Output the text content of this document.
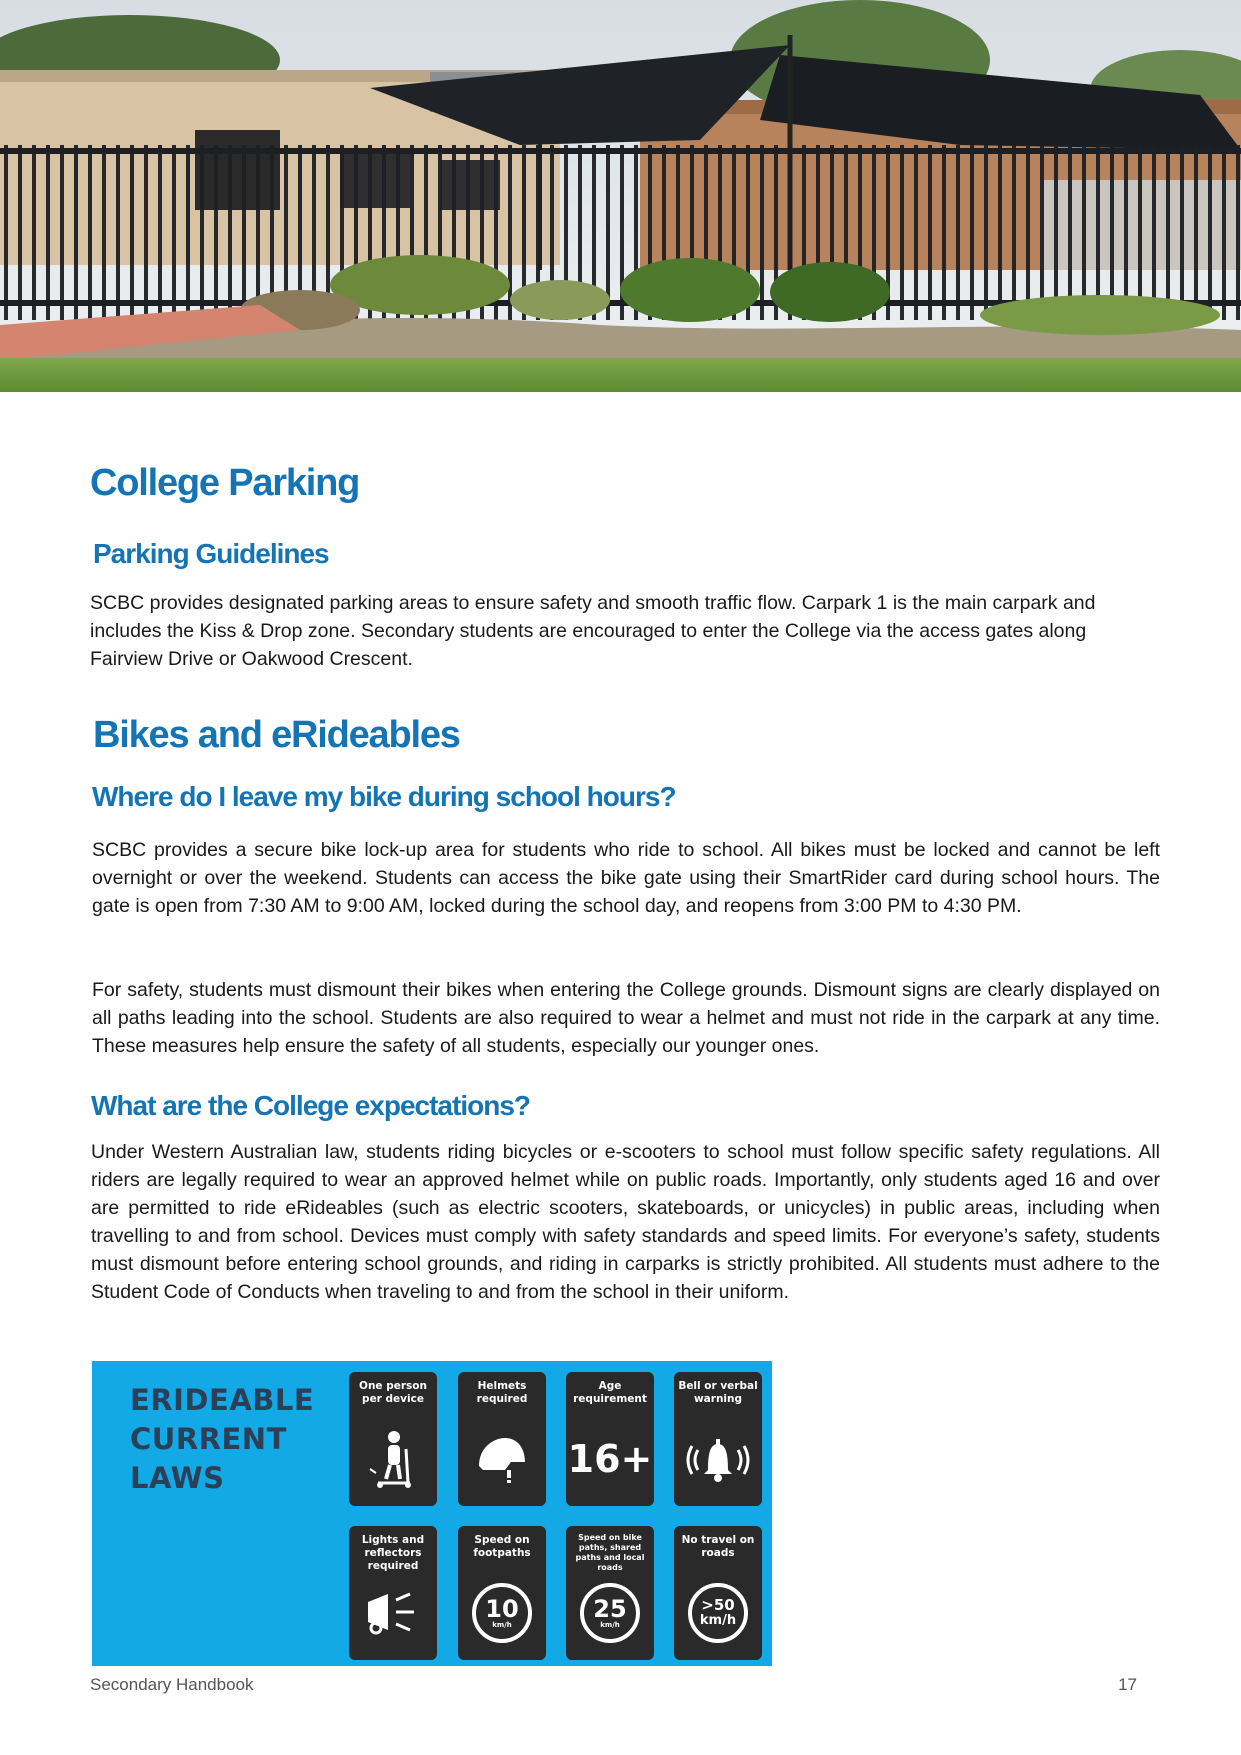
College Parking
Parking Guidelines

SCBC provides designated parking areas to ensure safety and smooth traffic flow. Carpark 1 is the main carpark and includes the Kiss & Drop zone. Secondary students are encouraged to enter the College via the access gates along Fairview Drive or Oakwood Crescent.

Bikes and eRideables
Where do I leave my bike during school hours?

SCBC provides a secure bike lock-up area for students who ride to school. All bikes must be locked and cannot be left overnight or over the weekend. Students can access the bike gate using their SmartRider card during school hours. The gate is open from 7:30 AM to 9:00 AM, locked during the school day, and reopens from 3:00 PM to 4:30 PM.

For safety, students must dismount their bikes when entering the College grounds. Dismount signs are clearly displayed on all paths leading into the school. Students are also required to wear a helmet and must not ride in the carpark at any time. These measures help ensure the safety of all students, especially our younger ones.

What are the College expectations?

Under Western Australian law, students riding bicycles or e-scooters to school must follow specific safety regulations. All riders are legally required to wear an approved helmet while on public roads. Importantly, only students aged 16 and over are permitted to ride eRideables (such as electric scooters, skateboards, or unicycles) in public areas, including when travelling to and from school. Devices must comply with safety standards and speed limits. For everyone’s safety, students must dismount before entering school grounds, and riding in carparks is strictly prohibited. All students must adhere to the Student Code of Conducts when traveling to and from the school in their uniform.

ERIDEABLE
CURRENT
LAWS
One person per device
Helmets required
Age requirement
16+
Bell or verbal warning
Lights and reflectors required
Speed on footpaths
10
km/h
Speed on bike paths, shared paths and local roads
25
km/h
No travel on roads
>50
km/h
Secondary Handbook	17
